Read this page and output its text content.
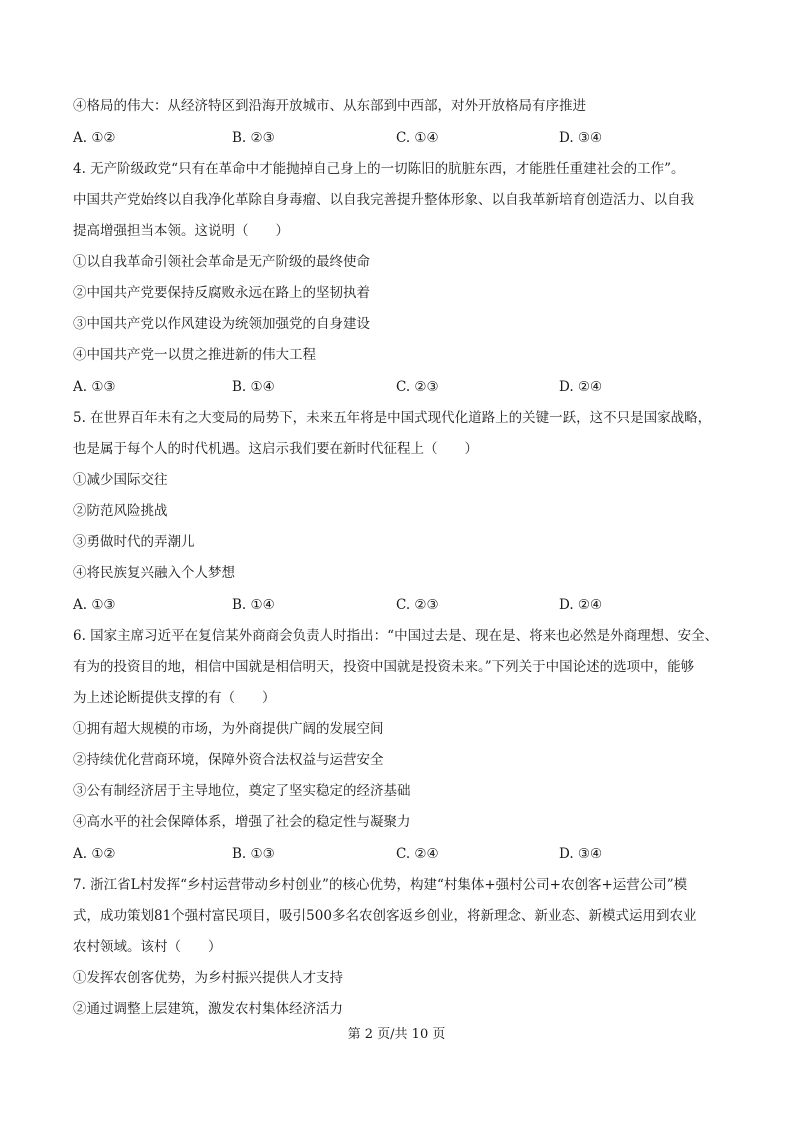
④格局的伟大：从经济特区到沿海开放城市、从东部到中西部，对外开放格局有序推进
A. ①②	B. ②③	C. ①④	D. ③④
4. 无产阶级政党“只有在革命中才能抛掉自己身上的一切陈旧的肮脏东西，才能胜任重建社会的工作”。
中国共产党始终以自我净化革除自身毒瘤、以自我完善提升整体形象、以自我革新培育创造活力、以自我
提高增强担当本领。这说明（　　）
①以自我革命引领社会革命是无产阶级的最终使命
②中国共产党要保持反腐败永远在路上的坚韧执着
③中国共产党以作风建设为统领加强党的自身建设
④中国共产党一以贯之推进新的伟大工程
A. ①③	B. ①④	C. ②③	D. ②④
5. 在世界百年未有之大变局的局势下，未来五年将是中国式现代化道路上的关键一跃，这不只是国家战略，
也是属于每个人的时代机遇。这启示我们要在新时代征程上（　　）
①减少国际交往
②防范风险挑战
③勇做时代的弄潮儿
④将民族复兴融入个人梦想
A. ①③	B. ①④	C. ②③	D. ②④
6. 国家主席习近平在复信某外商商会负责人时指出：“中国过去是、现在是、将来也必然是外商理想、安全、
有为的投资目的地，相信中国就是相信明天，投资中国就是投资未来。”下列关于中国论述的选项中，能够
为上述论断提供支撑的有（　　）
①拥有超大规模的市场，为外商提供广阔的发展空间
②持续优化营商环境，保障外资合法权益与运营安全
③公有制经济居于主导地位，奠定了坚实稳定的经济基础
④高水平的社会保障体系，增强了社会的稳定性与凝聚力
A. ①②	B. ①③	C. ②④	D. ③④
7. 浙江省L村发挥“乡村运营带动乡村创业”的核心优势，构建“村集体+强村公司+农创客+运营公司”模
式，成功策划81个强村富民项目，吸引500多名农创客返乡创业，将新理念、新业态、新模式运用到农业
农村领域。该村（　　）
①发挥农创客优势，为乡村振兴提供人才支持
②通过调整上层建筑，激发农村集体经济活力
第 2 页/共 10 页
